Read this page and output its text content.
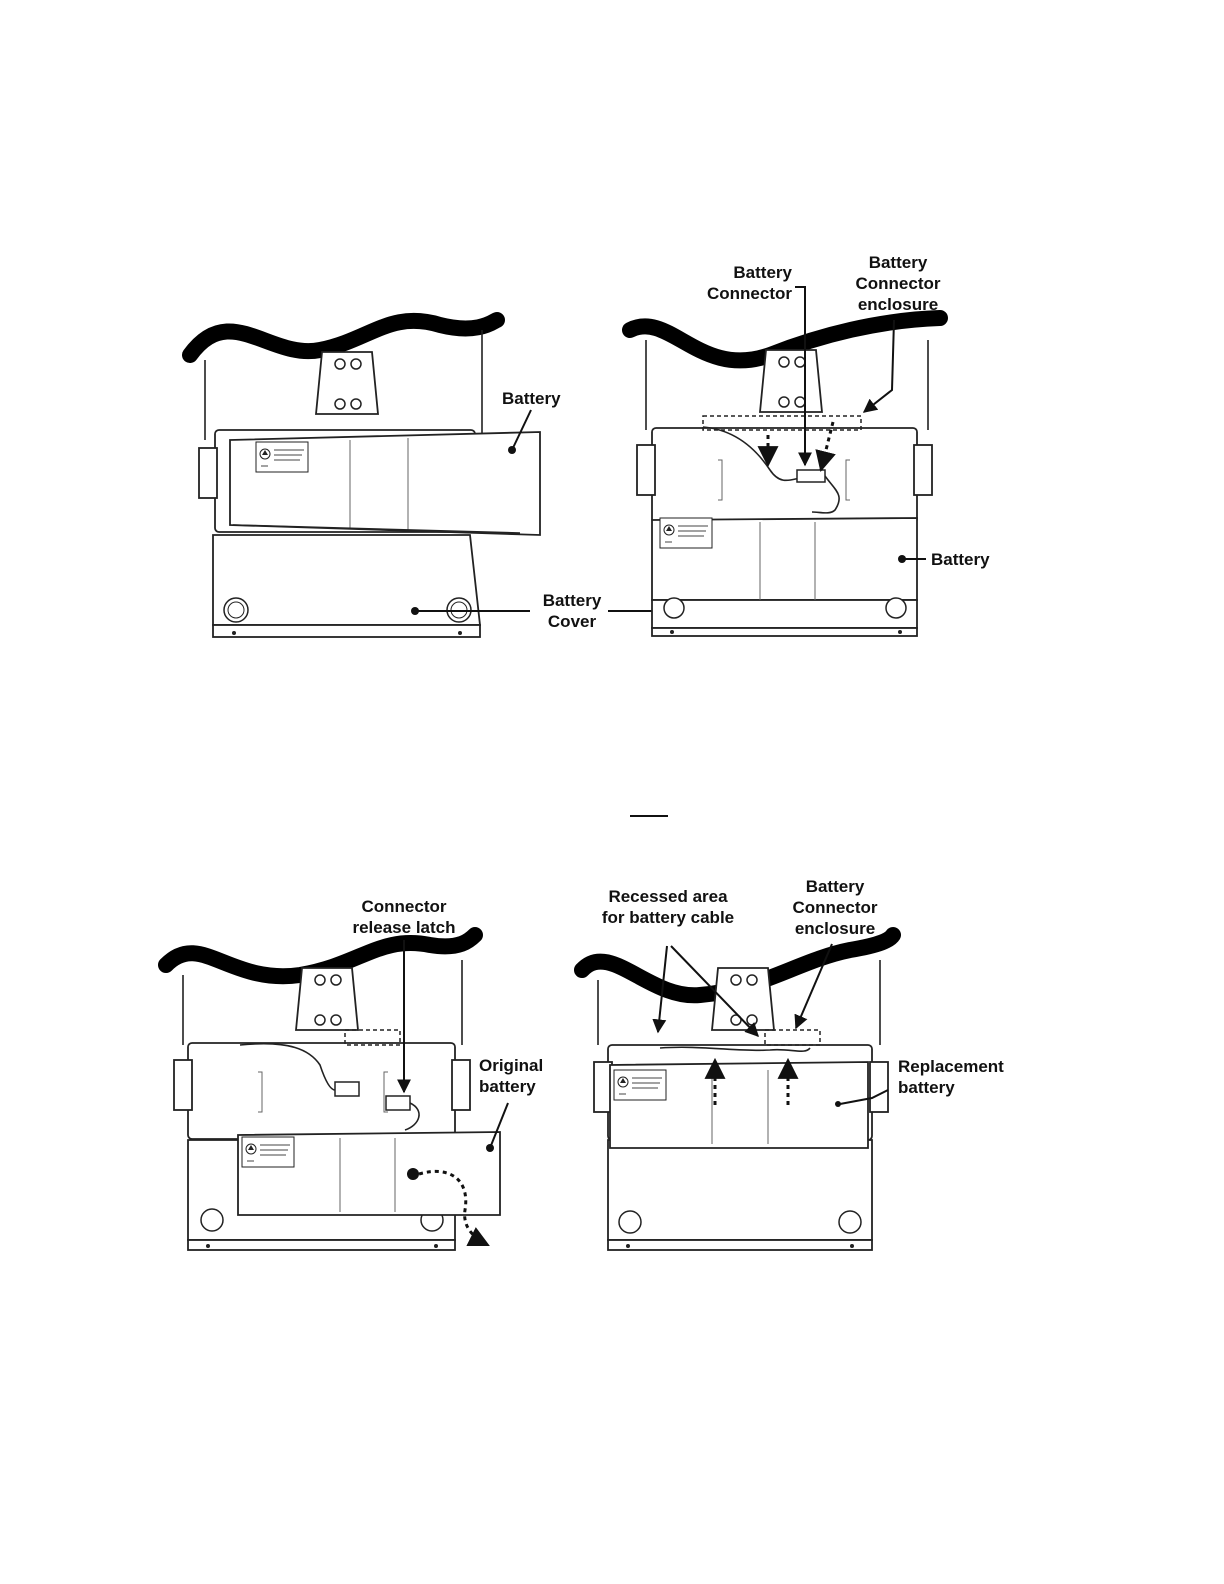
Battery
Battery Cover
Battery Connector
Battery Connector enclosure
Battery
Connector release latch
Original battery
Recessed area for battery cable
Battery Connector enclosure
Replacement battery
